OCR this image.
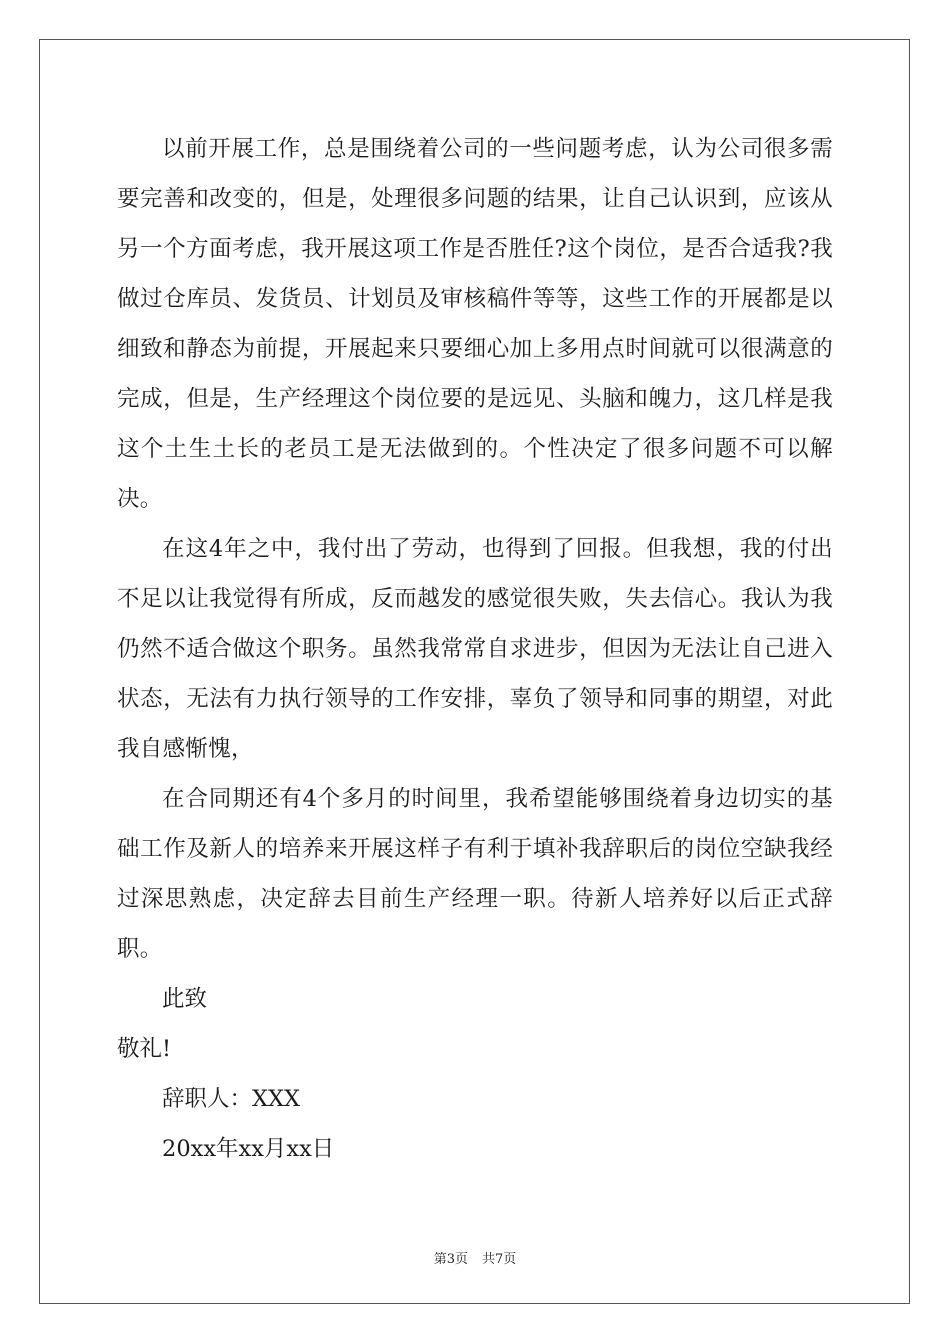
以前开展工作，总是围绕着公司的一些问题考虑，认为公司很多需要完善和改变的，但是，处理很多问题的结果，让自己认识到，应该从另一个方面考虑，我开展这项工作是否胜任?这个岗位，是否合适我?我做过仓库员、发货员、计划员及审核稿件等等，这些工作的开展都是以细致和静态为前提，开展起来只要细心加上多用点时间就可以很满意的完成，但是，生产经理这个岗位要的是远见、头脑和魄力，这几样是我这个土生土长的老员工是无法做到的。个性决定了很多问题不可以解决。

在这4年之中，我付出了劳动，也得到了回报。但我想，我的付出不足以让我觉得有所成，反而越发的感觉很失败，失去信心。我认为我仍然不适合做这个职务。虽然我常常自求进步，但因为无法让自己进入状态，无法有力执行领导的工作安排，辜负了领导和同事的期望，对此我自感惭愧，

在合同期还有4个多月的时间里，我希望能够围绕着身边切实的基础工作及新人的培养来开展这样子有利于填补我辞职后的岗位空缺我经过深思熟虑，决定辞去目前生产经理一职。待新人培养好以后正式辞职。

此致

敬礼!

辞职人：XXX

20xx年xx月xx日

第3页 共7页
